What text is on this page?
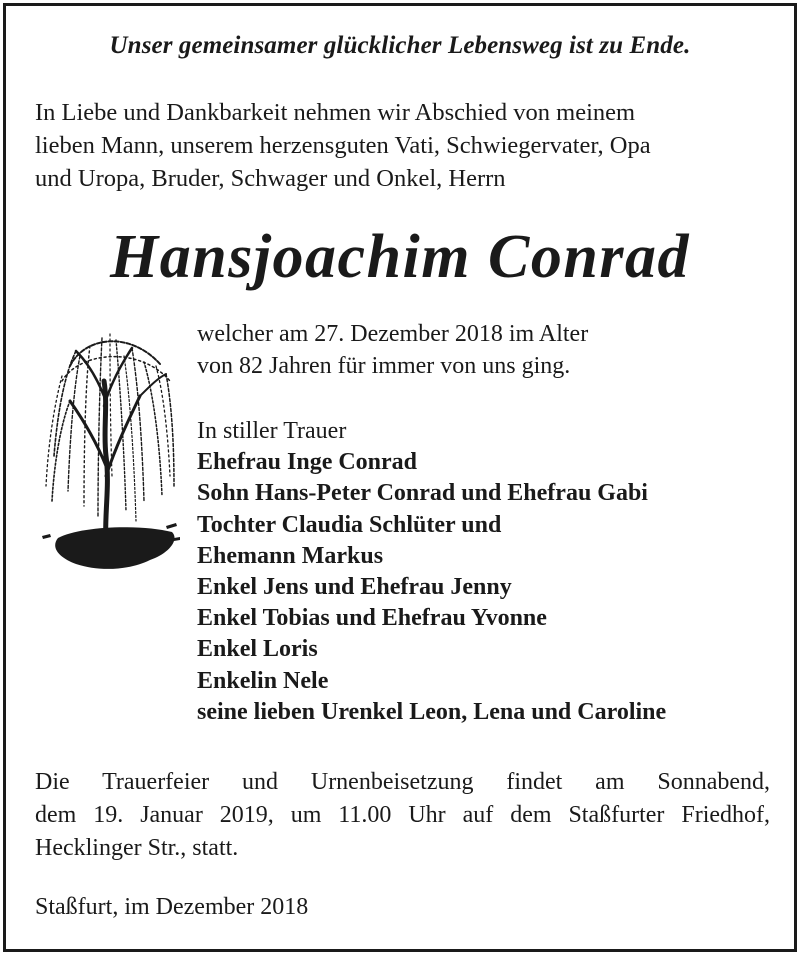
Unser gemeinsamer glücklicher Lebensweg ist zu Ende.
In Liebe und Dankbarkeit nehmen wir Abschied von meinem
lieben Mann, unserem herzensguten Vati, Schwiegervater, Opa
und Uropa, Bruder, Schwager und Onkel, Herrn
Hansjoachim Conrad
welcher am 27. Dezember 2018 im Alter
von 82 Jahren für immer von uns ging.
In stiller Trauer
Ehefrau Inge Conrad
Sohn Hans-Peter Conrad und Ehefrau Gabi
Tochter Claudia Schlüter und
Ehemann Markus
Enkel Jens und Ehefrau Jenny
Enkel Tobias und Ehefrau Yvonne
Enkel Loris
Enkelin Nele
seine lieben Urenkel Leon, Lena und Caroline
Die Trauerfeier und Urnenbeisetzung findet am Sonnabend,
dem 19. Januar 2019, um 11.00 Uhr auf dem Staßfurter Friedhof,
Hecklinger Str., statt.
Staßfurt, im Dezember 2018
